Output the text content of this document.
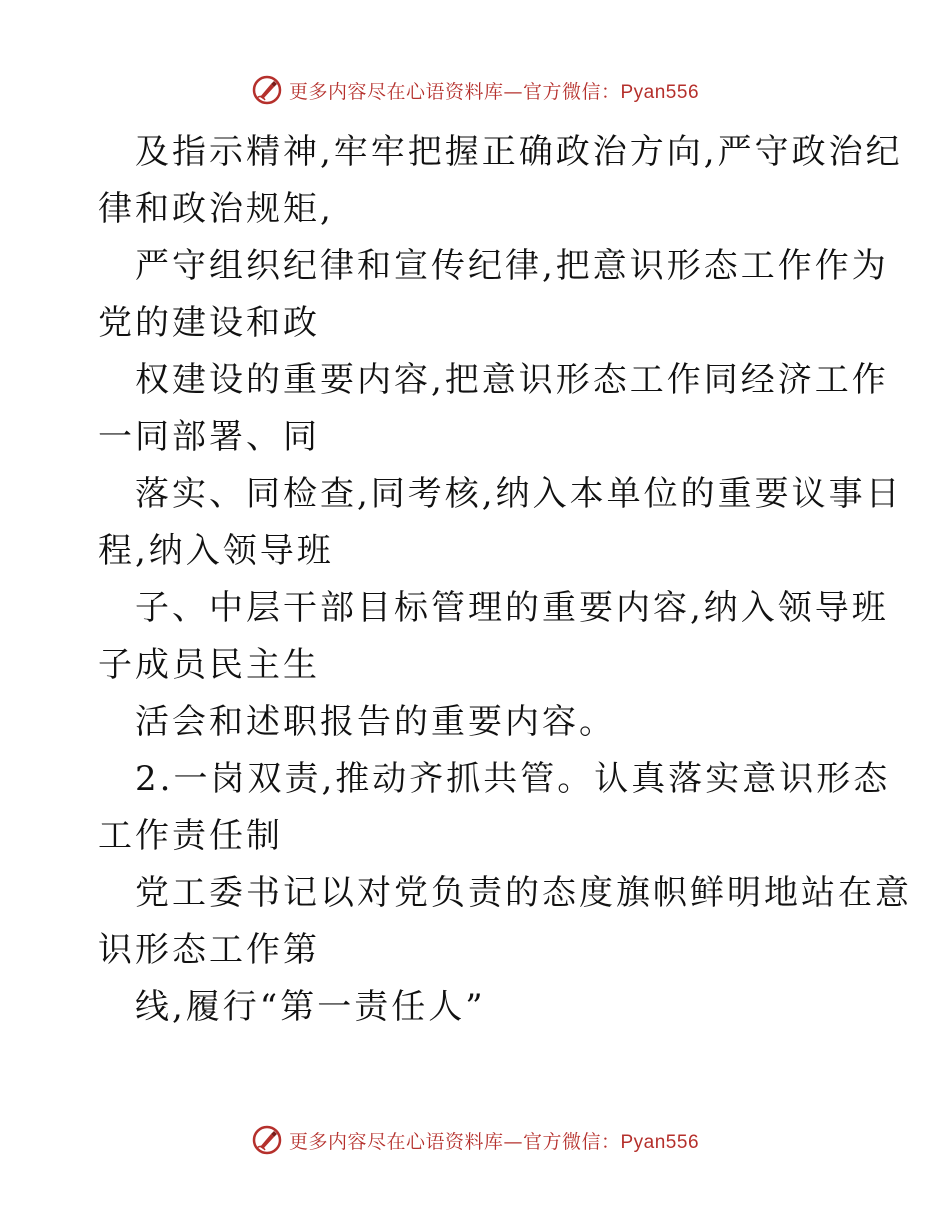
更多内容尽在心语资料库—官方微信：Pyan556
及指示精神,牢牢把握正确政治方向,严守政治纪
律和政治规矩,
严守组织纪律和宣传纪律,把意识形态工作作为
党的建设和政
权建设的重要内容,把意识形态工作同经济工作
一同部署、同
落实、同检查,同考核,纳入本单位的重要议事日
程,纳入领导班
子、中层干部目标管理的重要内容,纳入领导班
子成员民主生
活会和述职报告的重要内容。
2.一岗双责,推动齐抓共管。认真落实意识形态
工作责任制
党工委书记以对党负责的态度旗帜鲜明地站在意
识形态工作第
线,履行“第一责任人”
更多内容尽在心语资料库—官方微信：Pyan556
